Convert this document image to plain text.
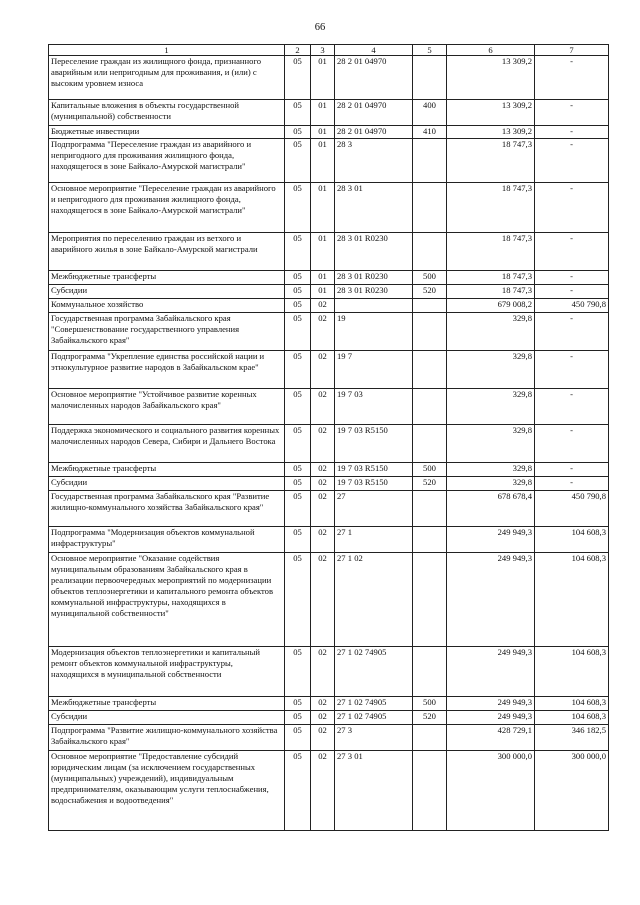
66
1	2	3	4	5	6	7
Переселение граждан из жилищного фонда, признанного аварийным или непригодным для проживания, и (или) с высоким уровнем износа	05	01	28 2 01 04970		13 309,2	-
Капитальные вложения в объекты государственной (муниципальной) собственности	05	01	28 2 01 04970	400	13 309,2	-
Бюджетные инвестиции	05	01	28 2 01 04970	410	13 309,2	-
Подпрограмма "Переселение граждан из аварийного и непригодного для проживания жилищного фонда, находящегося в зоне Байкало-Амурской магистрали"	05	01	28 3		18 747,3	-
Основное мероприятие "Переселение граждан из аварийного и непригодного для проживания жилищного фонда, находящегося в зоне Байкало-Амурской магистрали"	05	01	28 3 01		18 747,3	-
Мероприятия по переселению граждан из ветхого и аварийного жилья в зоне Байкало-Амурской магистрали	05	01	28 3 01 R0230		18 747,3	-
Межбюджетные трансферты	05	01	28 3 01 R0230	500	18 747,3	-
Субсидии	05	01	28 3 01 R0230	520	18 747,3	-
Коммунальное хозяйство	05	02			679 008,2	450 790,8
Государственная программа Забайкальского края "Совершенствование государственного управления Забайкальского края"	05	02	19		329,8	-
Подпрограмма "Укрепление единства российской нации и этнокультурное развитие народов в Забайкальском крае"	05	02	19 7		329,8	-
Основное мероприятие "Устойчивое развитие коренных малочисленных народов Забайкальского края"	05	02	19 7 03		329,8	-
Поддержка экономического и социального развития коренных малочисленных народов Севера, Сибири и Дальнего Востока	05	02	19 7 03 R5150		329,8	-
Межбюджетные трансферты	05	02	19 7 03 R5150	500	329,8	-
Субсидии	05	02	19 7 03 R5150	520	329,8	-
Государственная программа Забайкальского края "Развитие жилищно-коммунального хозяйства Забайкальского края"	05	02	27		678 678,4	450 790,8
Подпрограмма "Модернизация объектов коммунальной инфраструктуры"	05	02	27 1		249 949,3	104 608,3
Основное мероприятие "Оказание содействия муниципальным образованиям Забайкальского края в реализации первоочередных мероприятий по модернизации объектов теплоэнергетики и капитального ремонта объектов коммунальной инфраструктуры, находящихся в муниципальной собственности"	05	02	27 1 02		249 949,3	104 608,3
Модернизация объектов теплоэнергетики и капитальный ремонт объектов коммунальной инфраструктуры, находящихся в муниципальной собственности	05	02	27 1 02 74905		249 949,3	104 608,3
Межбюджетные трансферты	05	02	27 1 02 74905	500	249 949,3	104 608,3
Субсидии	05	02	27 1 02 74905	520	249 949,3	104 608,3
Подпрограмма "Развитие жилищно-коммунального хозяйства Забайкальского края"	05	02	27 3		428 729,1	346 182,5
Основное мероприятие "Предоставление субсидий юридическим лицам (за исключением государственных (муниципальных) учреждений), индивидуальным предпринимателям, оказывающим услуги теплоснабжения, водоснабжения и водоотведения"	05	02	27 3 01		300 000,0	300 000,0
